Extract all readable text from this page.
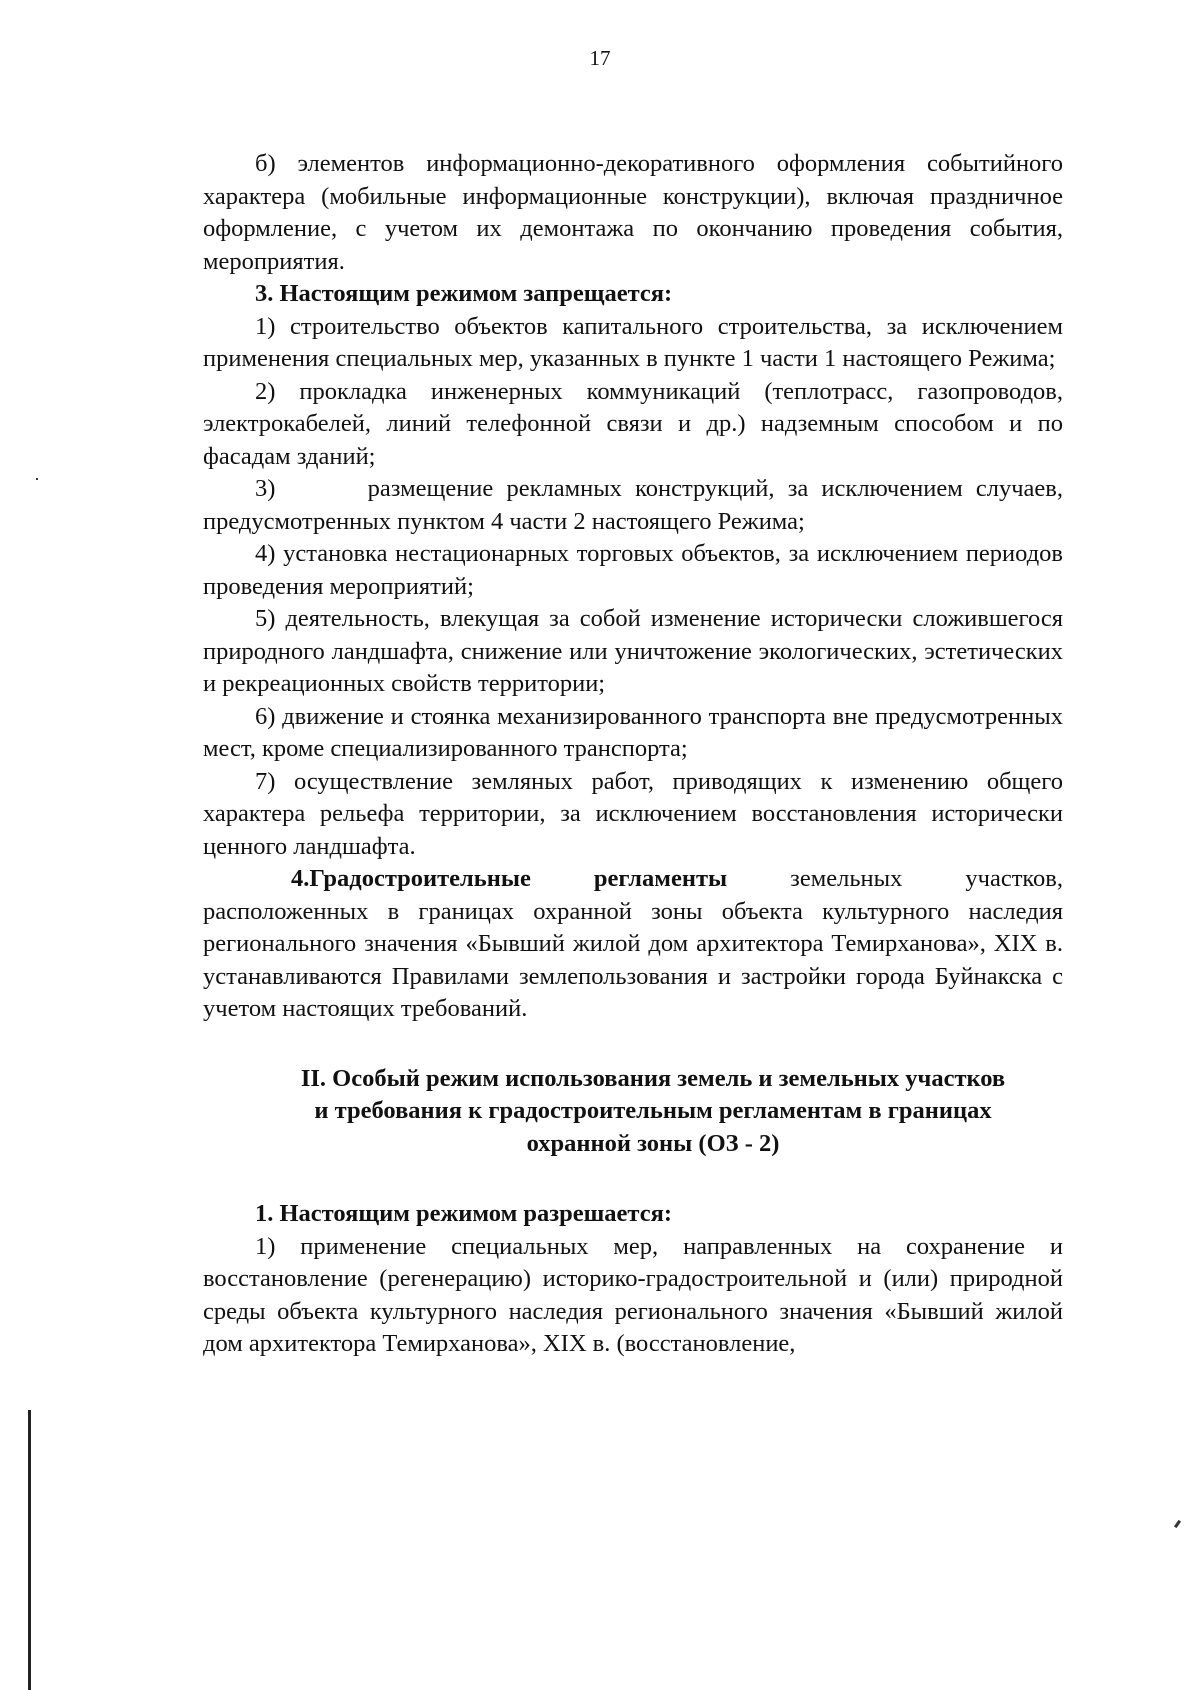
17

б) элементов информационно-декоративного оформления событийного характера (мобильные информационные конструкции), включая праздничное оформление, с учетом их демонтажа по окончанию проведения события, мероприятия.

3. Настоящим режимом запрещается:

1) строительство объектов капитального строительства, за исключением применения специальных мер, указанных в пункте 1 части 1 настоящего Режима;

2) прокладка инженерных коммуникаций (теплотрасс, газопроводов, электрокабелей, линий телефонной связи и др.) надземным способом и по фасадам зданий;

3)       размещение рекламных конструкций, за исключением случаев, предусмотренных пунктом 4 части 2 настоящего Режима;

4) установка нестационарных торговых объектов, за исключением периодов проведения мероприятий;

5) деятельность, влекущая за собой изменение исторически сложившегося природного ландшафта, снижение или уничтожение экологических, эстетических и рекреационных свойств территории;

6) движение и стоянка механизированного транспорта вне предусмотренных мест, кроме специализированного транспорта;

7) осуществление земляных работ, приводящих к изменению общего характера рельефа территории, за исключением восстановления исторически ценного ландшафта.

4.Градостроительные регламенты земельных участков, расположенных в границах охранной зоны объекта культурного наследия регионального значения «Бывший жилой дом архитектора Темирханова», XIX в. устанавливаются Правилами землепользования и застройки города Буйнакска с учетом настоящих требований.

II. Особый режим использования земель и земельных участков
и требования к градостроительным регламентам в границах
охранной зоны (ОЗ - 2)

1. Настоящим режимом разрешается:

1) применение специальных мер, направленных на сохранение и восстановление (регенерацию) историко-градостроительной и (или) природной среды объекта культурного наследия регионального значения «Бывший жилой дом архитектора Темирханова», XIX в. (восстановление,
